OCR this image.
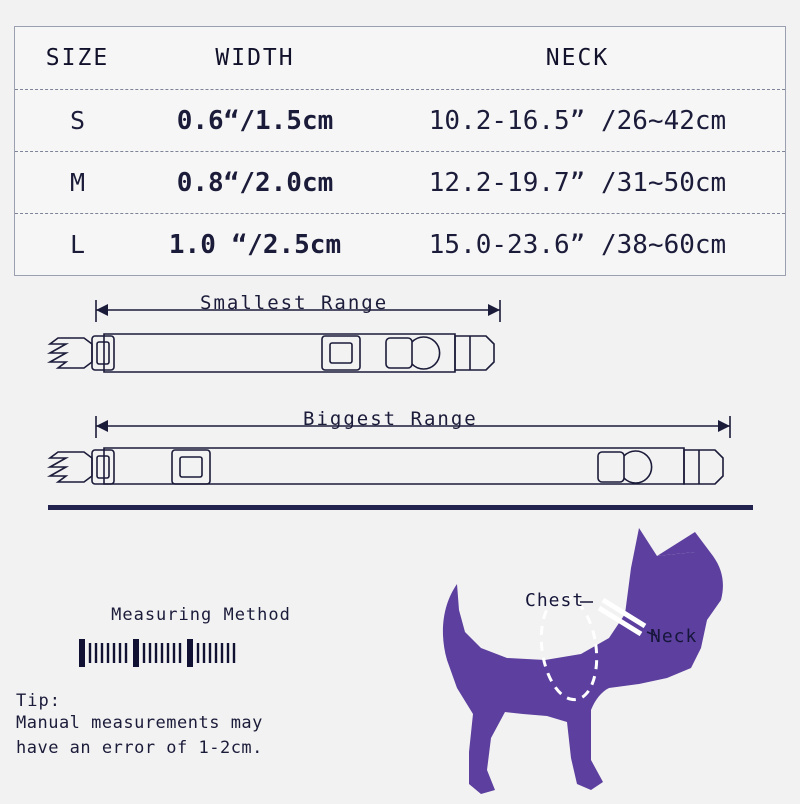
SIZE	WIDTH	NECK
S	0.6“/1.5cm	10.2-16.5” /26~42cm
M	0.8“/2.0cm	12.2-19.7” /31~50cm
L	1.0 “/2.5cm	15.0-23.6” /38~60cm
Smallest Range
Biggest Range
Measuring Method
Tip:
Manual measurements may
have an error of 1-2cm.
Chest
Neck
